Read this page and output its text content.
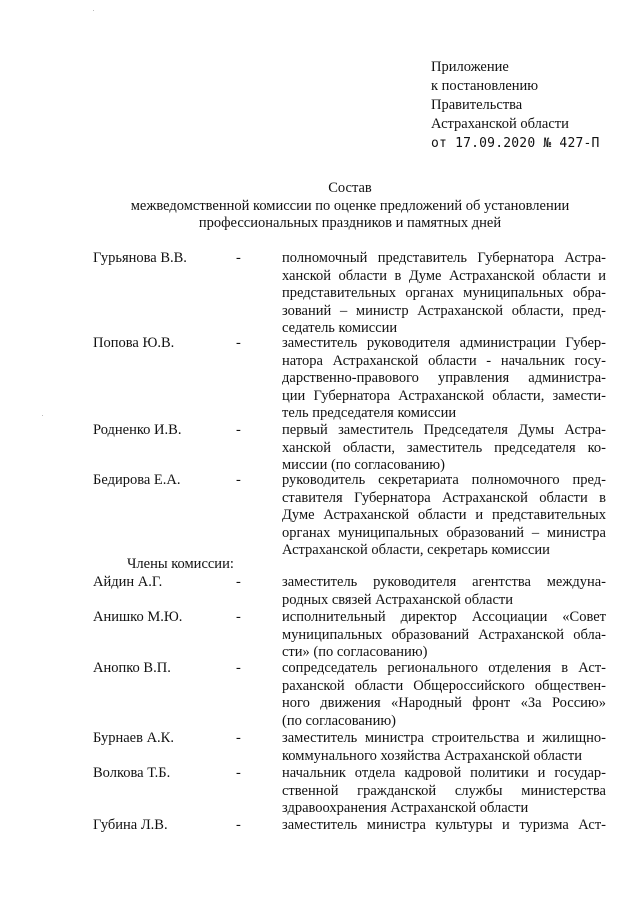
Приложение
к постановлению
Правительства
Астраханской области
от 17.09.2020 № 427-П
Состав
межведомственной комиссии по оценке предложений об установлении
профессиональных праздников и памятных дней
Гурьянова В.В.	-	полномочный представитель Губернатора Астра-
ханской области в Думе Астраханской области и
представительных органах муниципальных обра-
зований – министр Астраханской области, пред-
седатель комиссии
Попова Ю.В.	-	заместитель руководителя администрации Губер-
натора Астраханской области - начальник госу-
дарственно-правового управления администра-
ции Губернатора Астраханской области, замести-
тель председателя комиссии
Родненко И.В.	-	первый заместитель Председателя Думы Астра-
ханской области, заместитель председателя ко-
миссии (по согласованию)
Бедирова Е.А.	-	руководитель секретариата полномочного пред-
ставителя Губернатора Астраханской области в
Думе Астраханской области и представительных
органах муниципальных образований – министра
Астраханской области, секретарь комиссии
Члены комиссии:
Айдин А.Г.	-	заместитель руководителя агентства междуна-
родных связей Астраханской области
Анишко М.Ю.	-	исполнительный директор Ассоциации «Совет
муниципальных образований Астраханской обла-
сти» (по согласованию)
Анопко В.П.	-	сопредседатель регионального отделения в Аст-
раханской области Общероссийского обществен-
ного движения «Народный фронт «За Россию»
(по согласованию)
Бурнаев А.К.	-	заместитель министра строительства и жилищно-
коммунального хозяйства Астраханской области
Волкова Т.Б.	-	начальник отдела кадровой политики и государ-
ственной гражданской службы министерства
здравоохранения Астраханской области
Губина Л.В.	-	заместитель министра культуры и туризма Аст-
